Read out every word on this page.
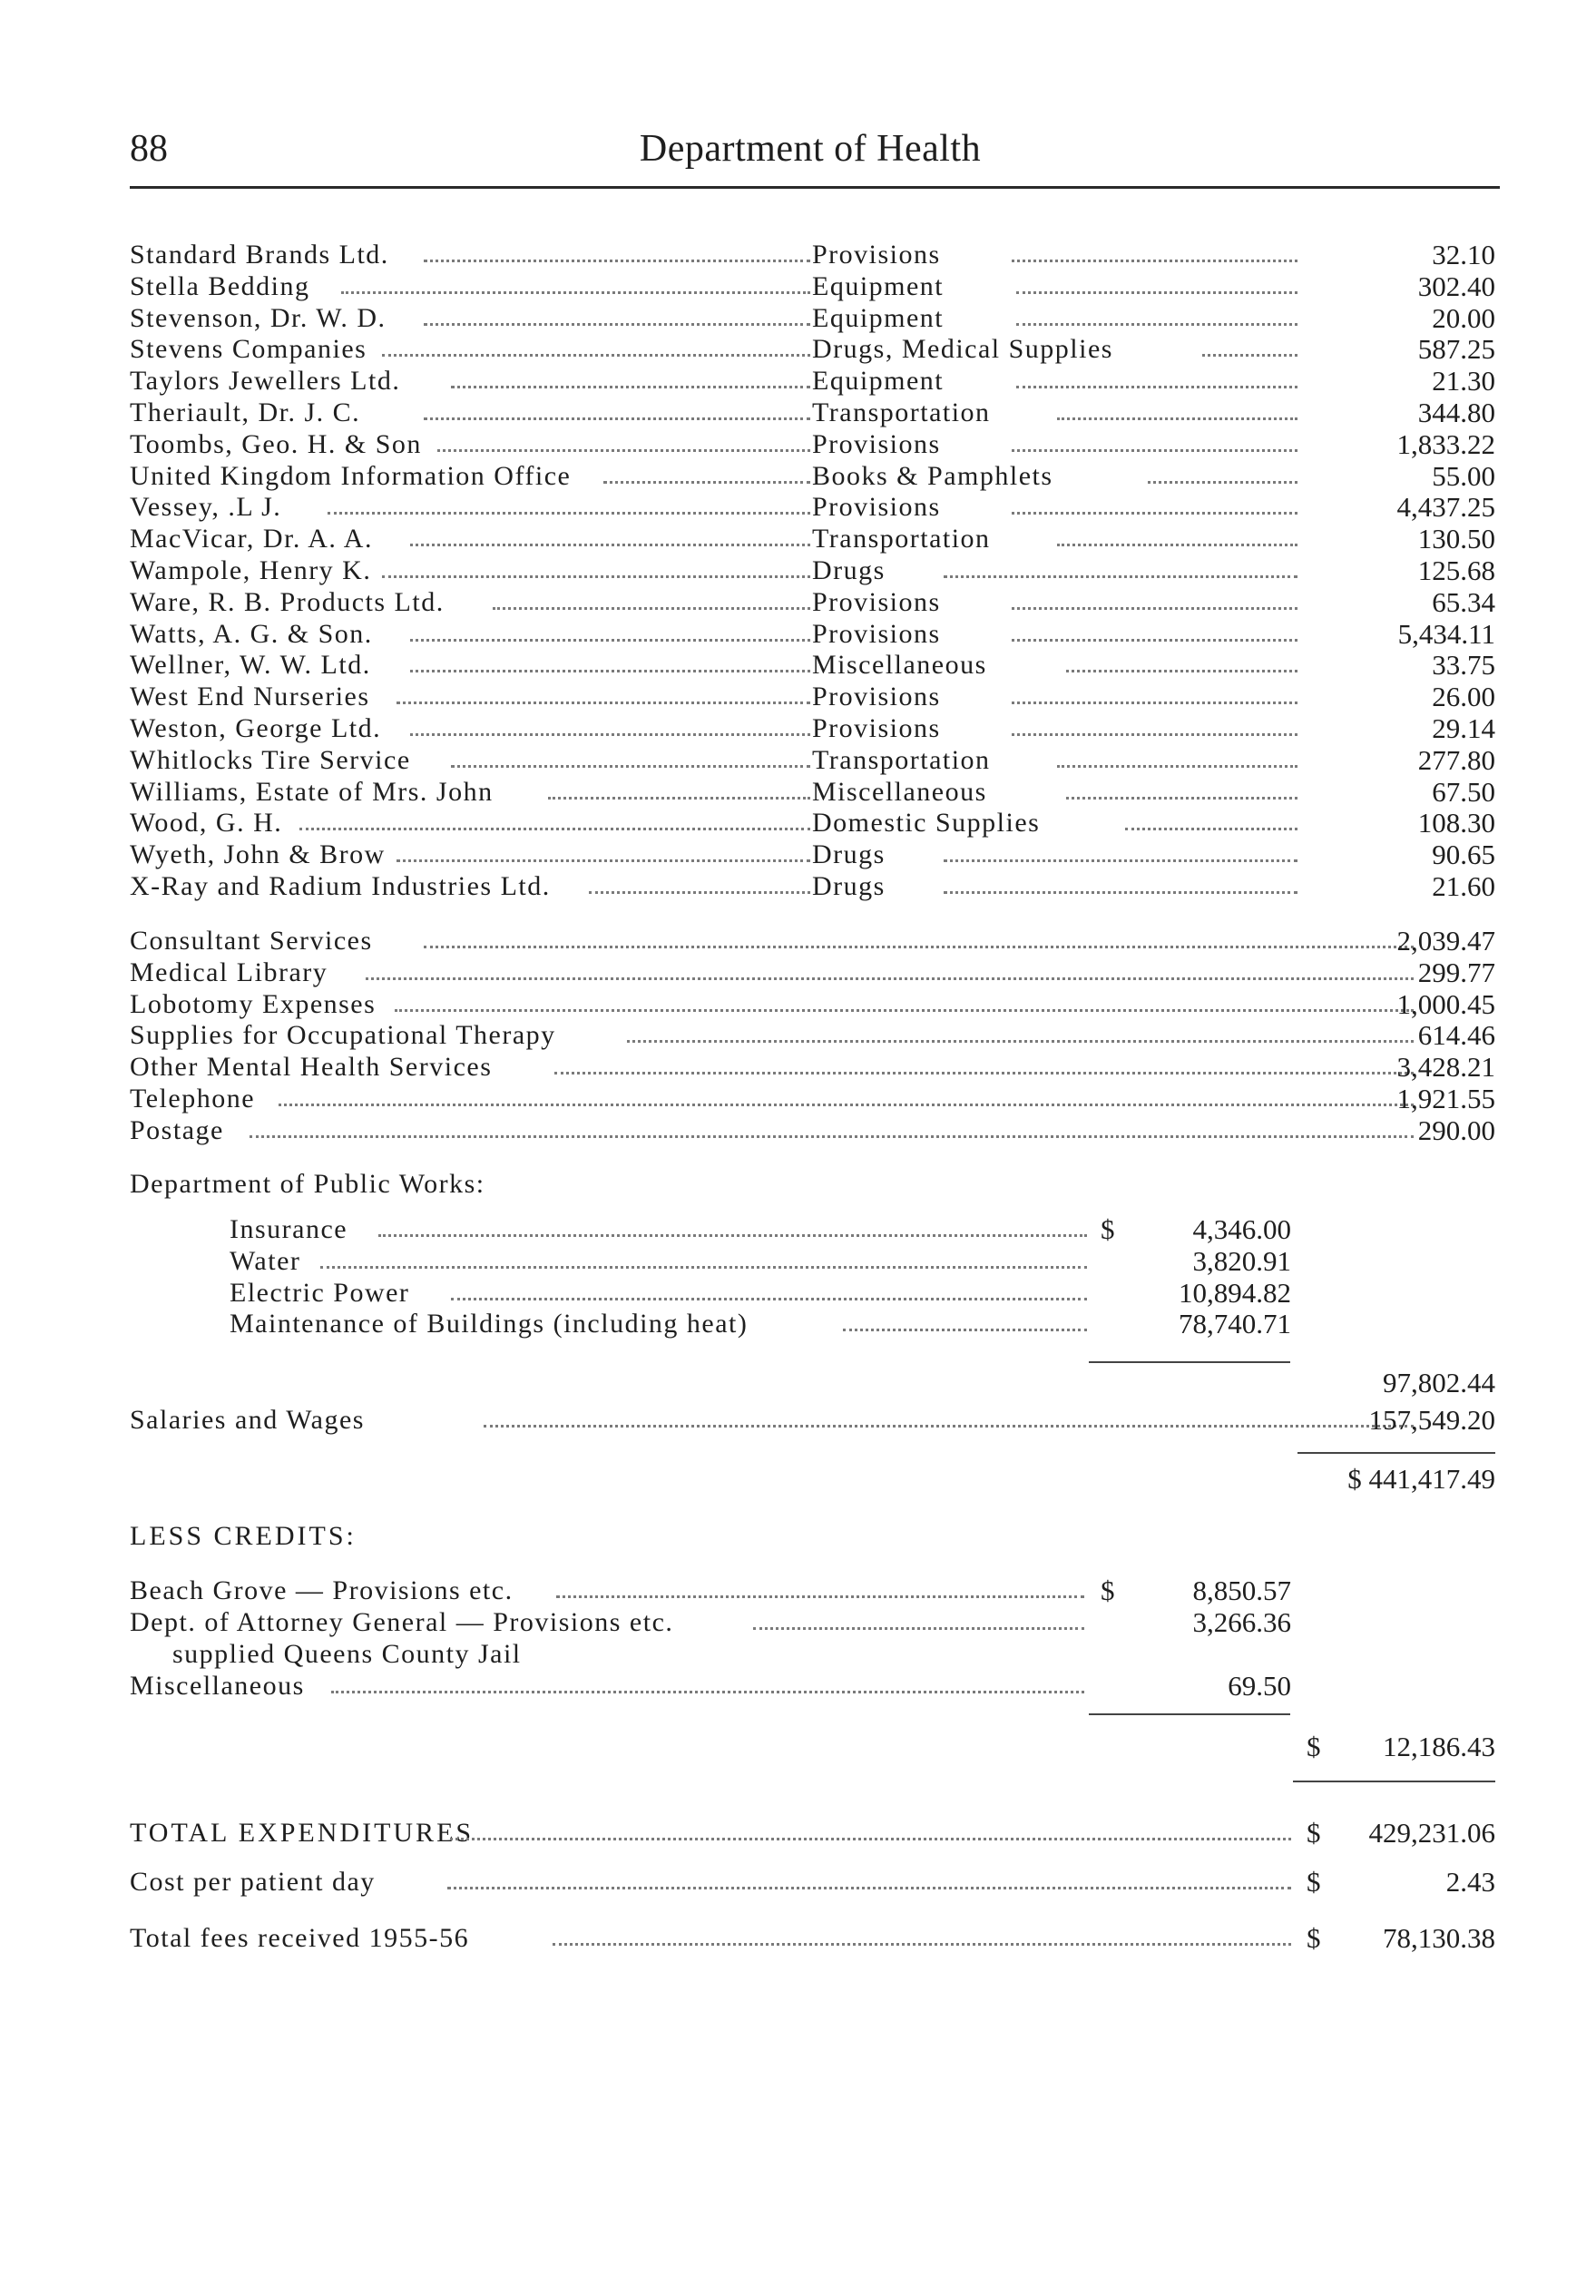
88	Department of Health
Standard Brands Ltd.	Provisions	32.10
Stella Bedding	Equipment	302.40
Stevenson, Dr. W. D.	Equipment	20.00
Stevens Companies	Drugs, Medical Supplies	587.25
Taylors Jewellers Ltd.	Equipment	21.30
Theriault, Dr. J. C.	Transportation	344.80
Toombs, Geo. H. & Son	Provisions	1,833.22
United Kingdom Information Office	Books & Pamphlets	55.00
Vessey, .L J.	Provisions	4,437.25
MacVicar, Dr. A. A.	Transportation	130.50
Wampole, Henry K.	Drugs	125.68
Ware, R. B. Products Ltd.	Provisions	65.34
Watts, A. G. & Son.	Provisions	5,434.11
Wellner, W. W. Ltd.	Miscellaneous	33.75
West End Nurseries	Provisions	26.00
Weston, George Ltd.	Provisions	29.14
Whitlocks Tire Service	Transportation	277.80
Williams, Estate of Mrs. John	Miscellaneous	67.50
Wood, G. H.	Domestic Supplies	108.30
Wyeth, John & Brow	Drugs	90.65
X-Ray and Radium Industries Ltd.	Drugs	21.60
Consultant Services	2,039.47
Medical Library	299.77
Lobotomy Expenses	1,000.45
Supplies for Occupational Therapy	614.46
Other Mental Health Services	3,428.21
Telephone	1,921.55
Postage	290.00
Department of Public Works:
Insurance	4,346.00
Water	3,820.91
Electric Power	10,894.82
Maintenance of Buildings (including heat)	78,740.71
$
97,802.44
Salaries and Wages	157,549.20
$ 441,417.49
LESS CREDITS:
Beach Grove — Provisions etc.	8,850.57
Dept. of Attorney General — Provisions etc.	3,266.36
supplied Queens County Jail
Miscellaneous	69.50
$
$	12,186.43
TOTAL EXPENDITURES	$	429,231.06
Cost per patient day	$	2.43
Total fees received 1955-56	$	78,130.38
